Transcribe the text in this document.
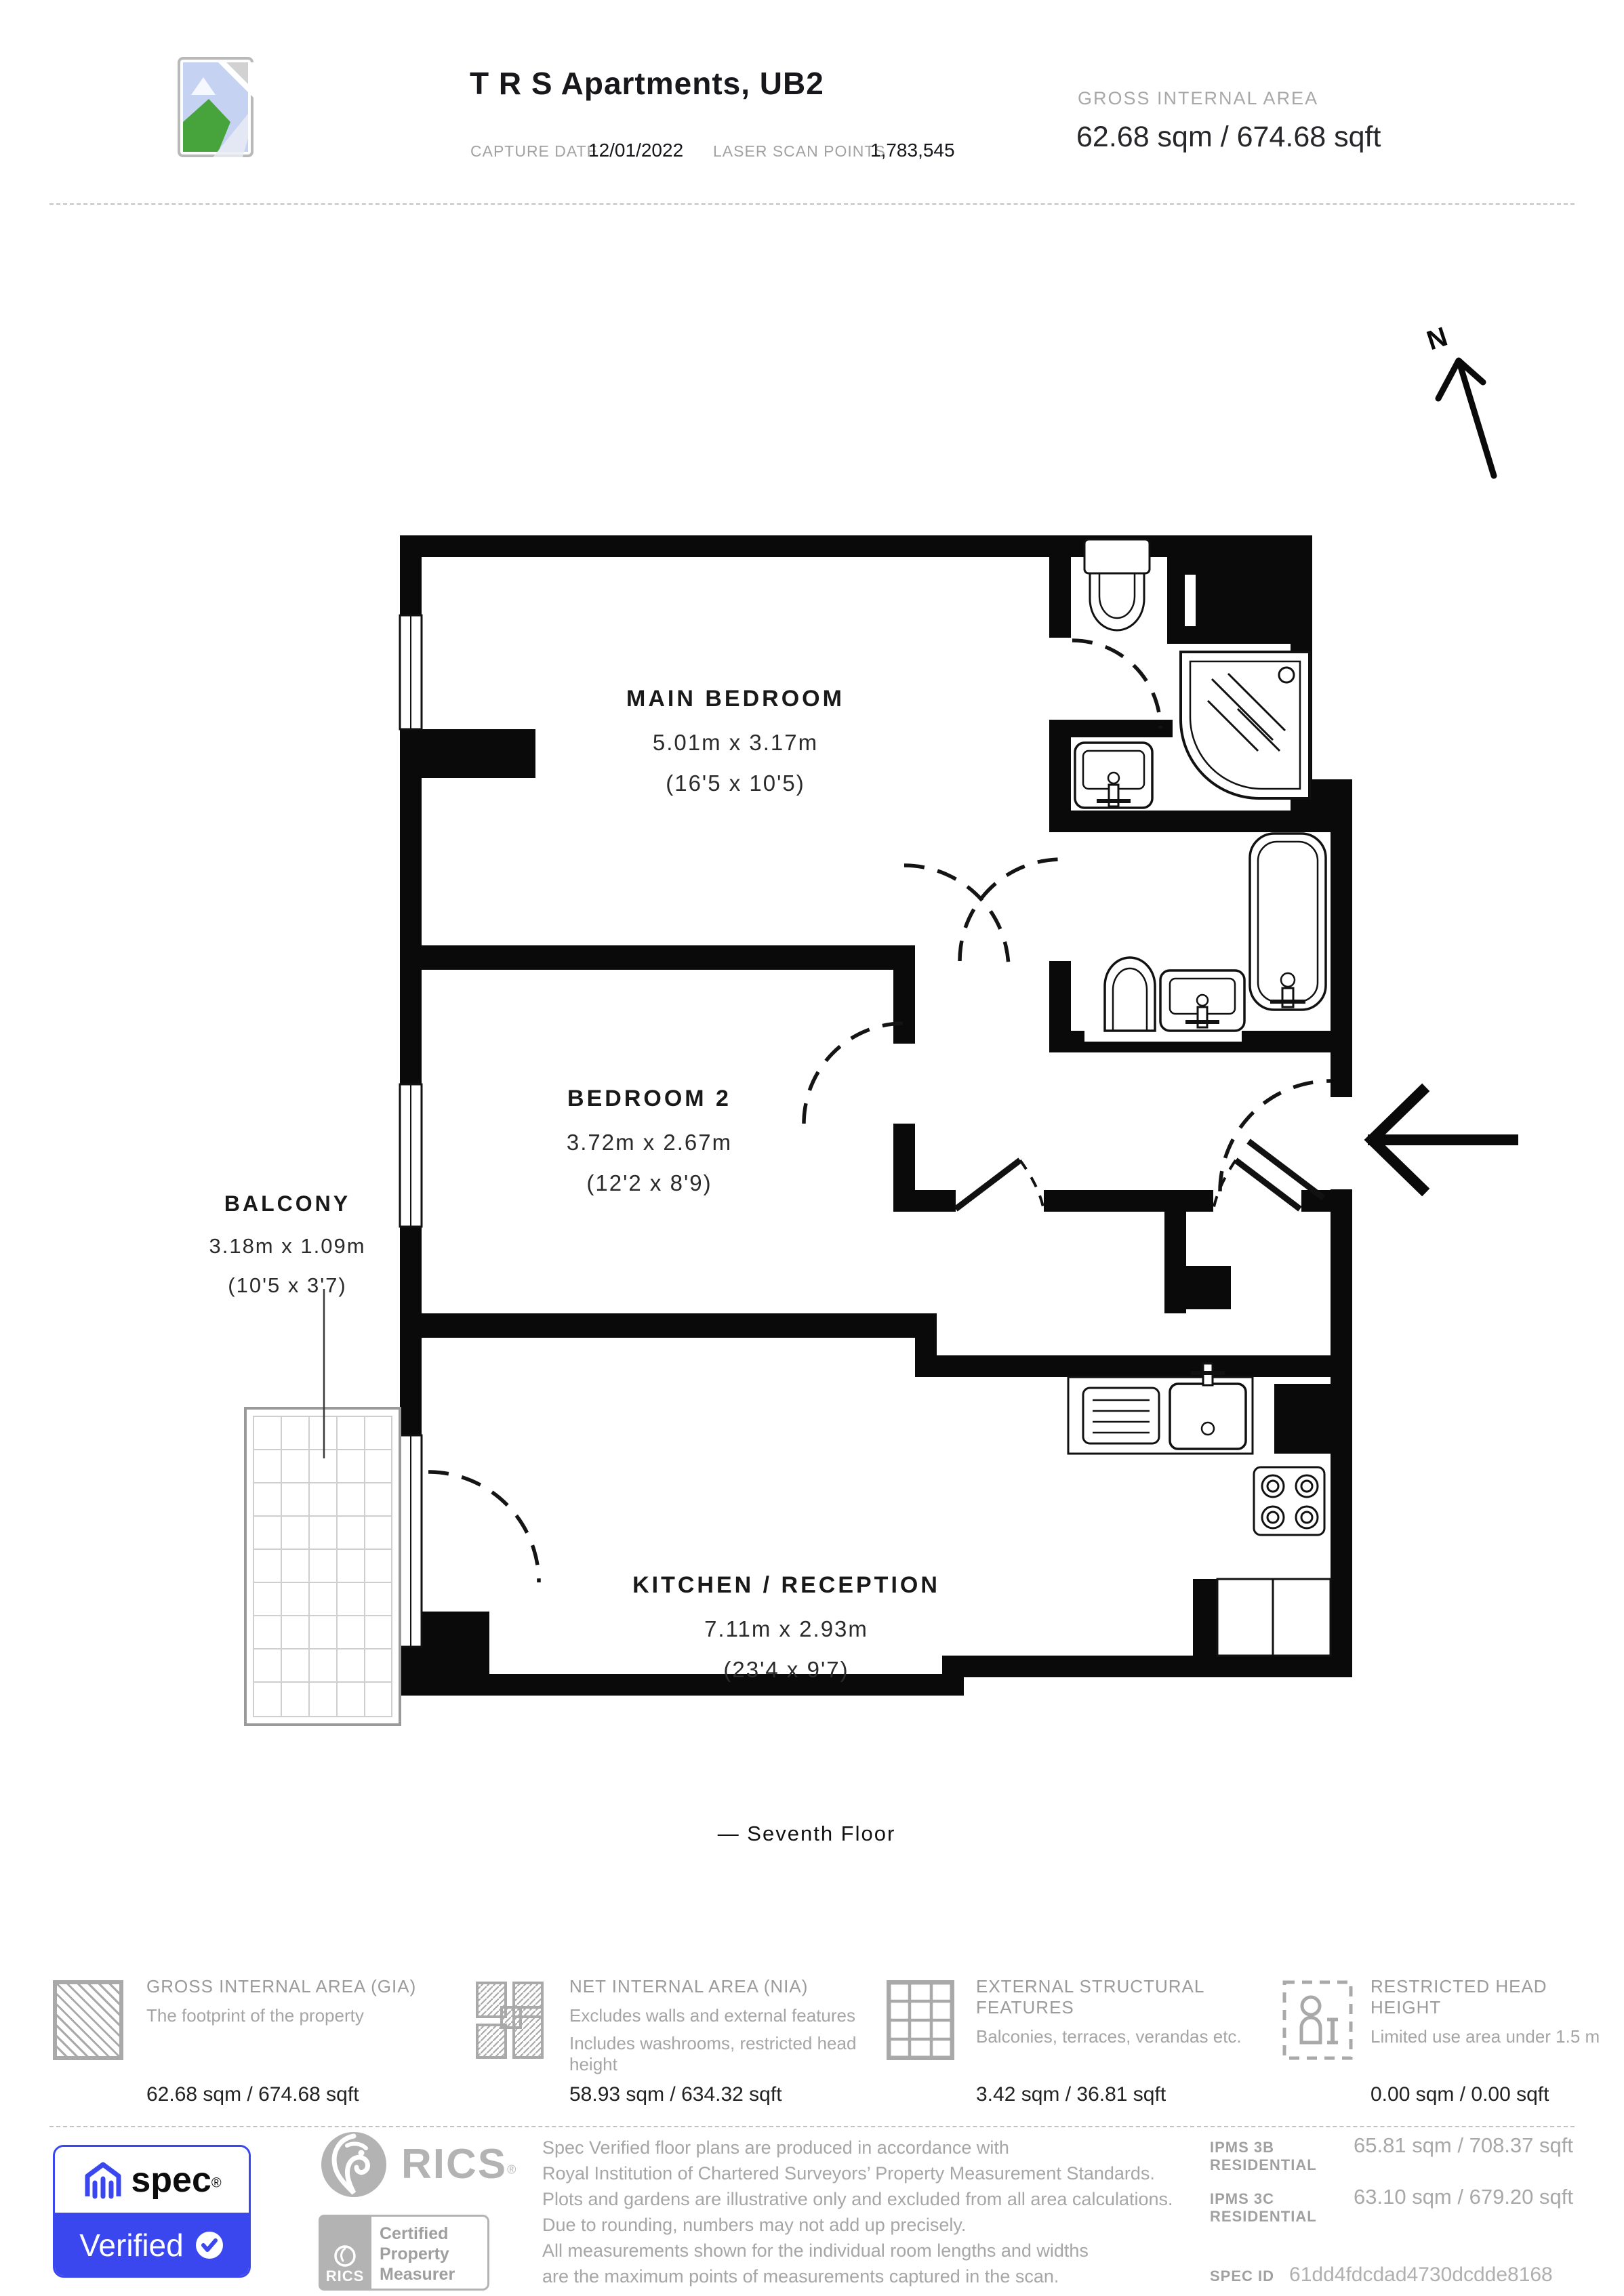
T R S Apartments, UB2
CAPTURE DATE
12/01/2022 LASER SCAN POINTS
1,783,545
GROSS INTERNAL AREA
62.68 sqm / 674.68 sqft
N
MAIN BEDROOM
5.01m x 3.17m
(16'5 x 10'5)
BEDROOM 2
3.72m x 2.67m
(12'2 x 8'9)
KITCHEN / RECEPTION
7.11m x 2.93m
(23'4 x 9'7)
BALCONY
3.18m x 1.09m
(10'5 x 3'7)
— Seventh Floor
GROSS INTERNAL AREA (GIA)
The footprint of the property
62.68 sqm / 674.68 sqft
NET INTERNAL AREA (NIA)
Excludes walls and external features
Includes washrooms, restricted head height
58.93 sqm / 634.32 sqft
EXTERNAL STRUCTURAL FEATURES
Balconies, terraces, verandas etc.
3.42 sqm / 36.81 sqft
RESTRICTED HEAD HEIGHT
Limited use area under 1.5 m
0.00 sqm / 0.00 sqft
spec®
Verified
RICS®
RICS
Certified
Property
Measurer
Spec Verified floor plans are produced in accordance with
Royal Institution of Chartered Surveyors’ Property Measurement Standards.
Plots and gardens are illustrative only and excluded from all area calculations.
Due to rounding, numbers may not add up precisely.
All measurements shown for the individual room lengths and widths
are the maximum points of measurements captured in the scan.
IPMS 3B RESIDENTIAL
65.81 sqm / 708.37 sqft
IPMS 3C RESIDENTIAL
63.10 sqm / 679.20 sqft
SPEC ID 61dd4fdcdad4730dcdde8168
